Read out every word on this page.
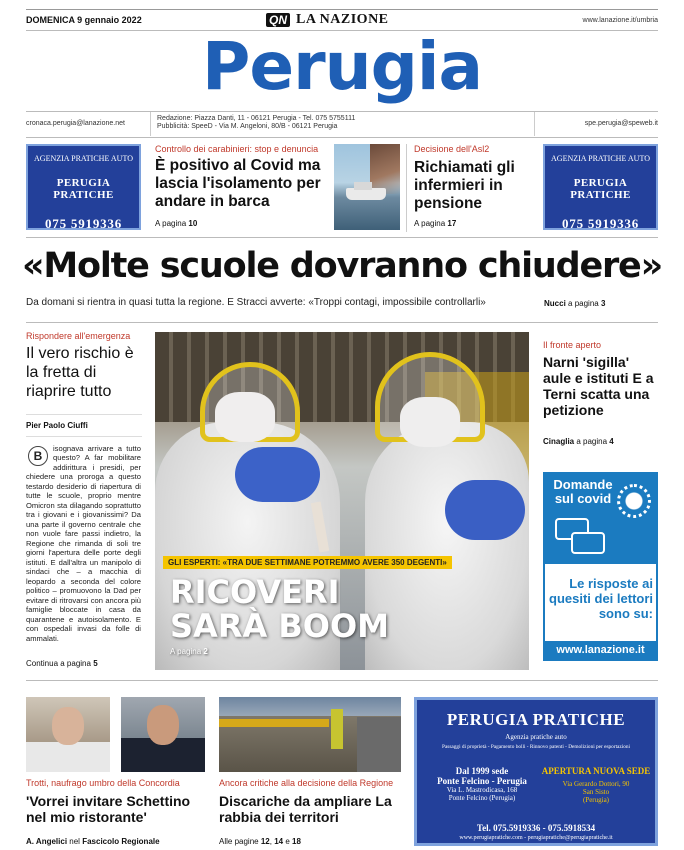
DOMENICA 9 gennaio 2022	QN LA NAZIONE	www.lanazione.it/umbria
Perugia
cronaca.perugia@lanazione.net
Redazione: Piazza Danti, 11 - 06121 Perugia - Tel. 075 5755111
Pubblicità: SpeeD - Via M. Angeloni, 80/B - 06121 Perugia	spe.perugia@speweb.it
AGENZIA PRATICHE AUTO
PERUGIA PRATICHE
075 5919336
AGENZIA PRATICHE AUTO
PERUGIA PRATICHE
075 5919336
Controllo dei carabinieri: stop e denuncia
È positivo al Covid ma lascia l'isolamento per andare in barca
A pagina 10
Decisione dell'Asl2
Richiamati gli infermieri in pensione
A pagina 17
«Molte scuole dovranno chiudere»
Da domani si rientra in quasi tutta la regione. E Stracci avverte: «Troppi contagi, impossibile controllarli»	Nucci a pagina 3
Rispondere all'emergenza
Il vero rischio è la fretta di riaprire tutto
Pier Paolo Ciuffi
B
isognava arrivare a tutto questo? A far mobilitare addirittura i presidi, per chiedere una proroga a questo testardo desiderio di riapertura di tutte le scuole, proprio mentre Omicron sta dilagando soprattutto tra i giovani e i giovanissimi? Da una parte il governo centrale che non vuole fare passi indietro, la Regione che rimanda di soli tre giorni l'apertura delle porte degli istituti. E dall'altra un manipolo di sindaci che – a macchia di leopardo a seconda del colore politico – promuovono la Dad per evitare di ritrovarsi con ancora più famiglie bloccate in casa da quarantene e autoisolamento. E con ospedali invasi da folle di ammalati.
Continua a pagina 5
GLI ESPERTI: «TRA DUE SETTIMANE POTREMMO AVERE 350 DEGENTI»
RICOVERI
SARÀ BOOM
A pagina 2
Il fronte aperto
Narni 'sigilla' aule e istituti E a Terni scatta una petizione
Cinaglia a pagina 4
Domande
sul covid
Le risposte ai quesiti dei lettori sono su:
www.lanazione.it
Trotti, naufrago umbro della Concordia
'Vorrei invitare Schettino nel mio ristorante'
A. Angelici nel Fascicolo Regionale
Ancora critiche alla decisione della Regione
Discariche da ampliare La rabbia dei territori
Alle pagine 12, 14 e 18
PERUGIA PRATICHE
Agenzia pratiche auto
Passaggi di proprietà - Pagamento bolli - Rinnovo patenti - Demolizioni per esportazioni
Dal 1999 sede
Ponte Felcino - Perugia
Via L. Mastrodicasa, 168
Ponte Felcino (Perugia)
APERTURA NUOVA SEDE
Via Gerardo Dottori, 90
San Sisto
(Perugia)
Tel. 075.5919336 - 075.5918534
www.perugiapratiche.com - perugiapratiche@perugiapratiche.it
